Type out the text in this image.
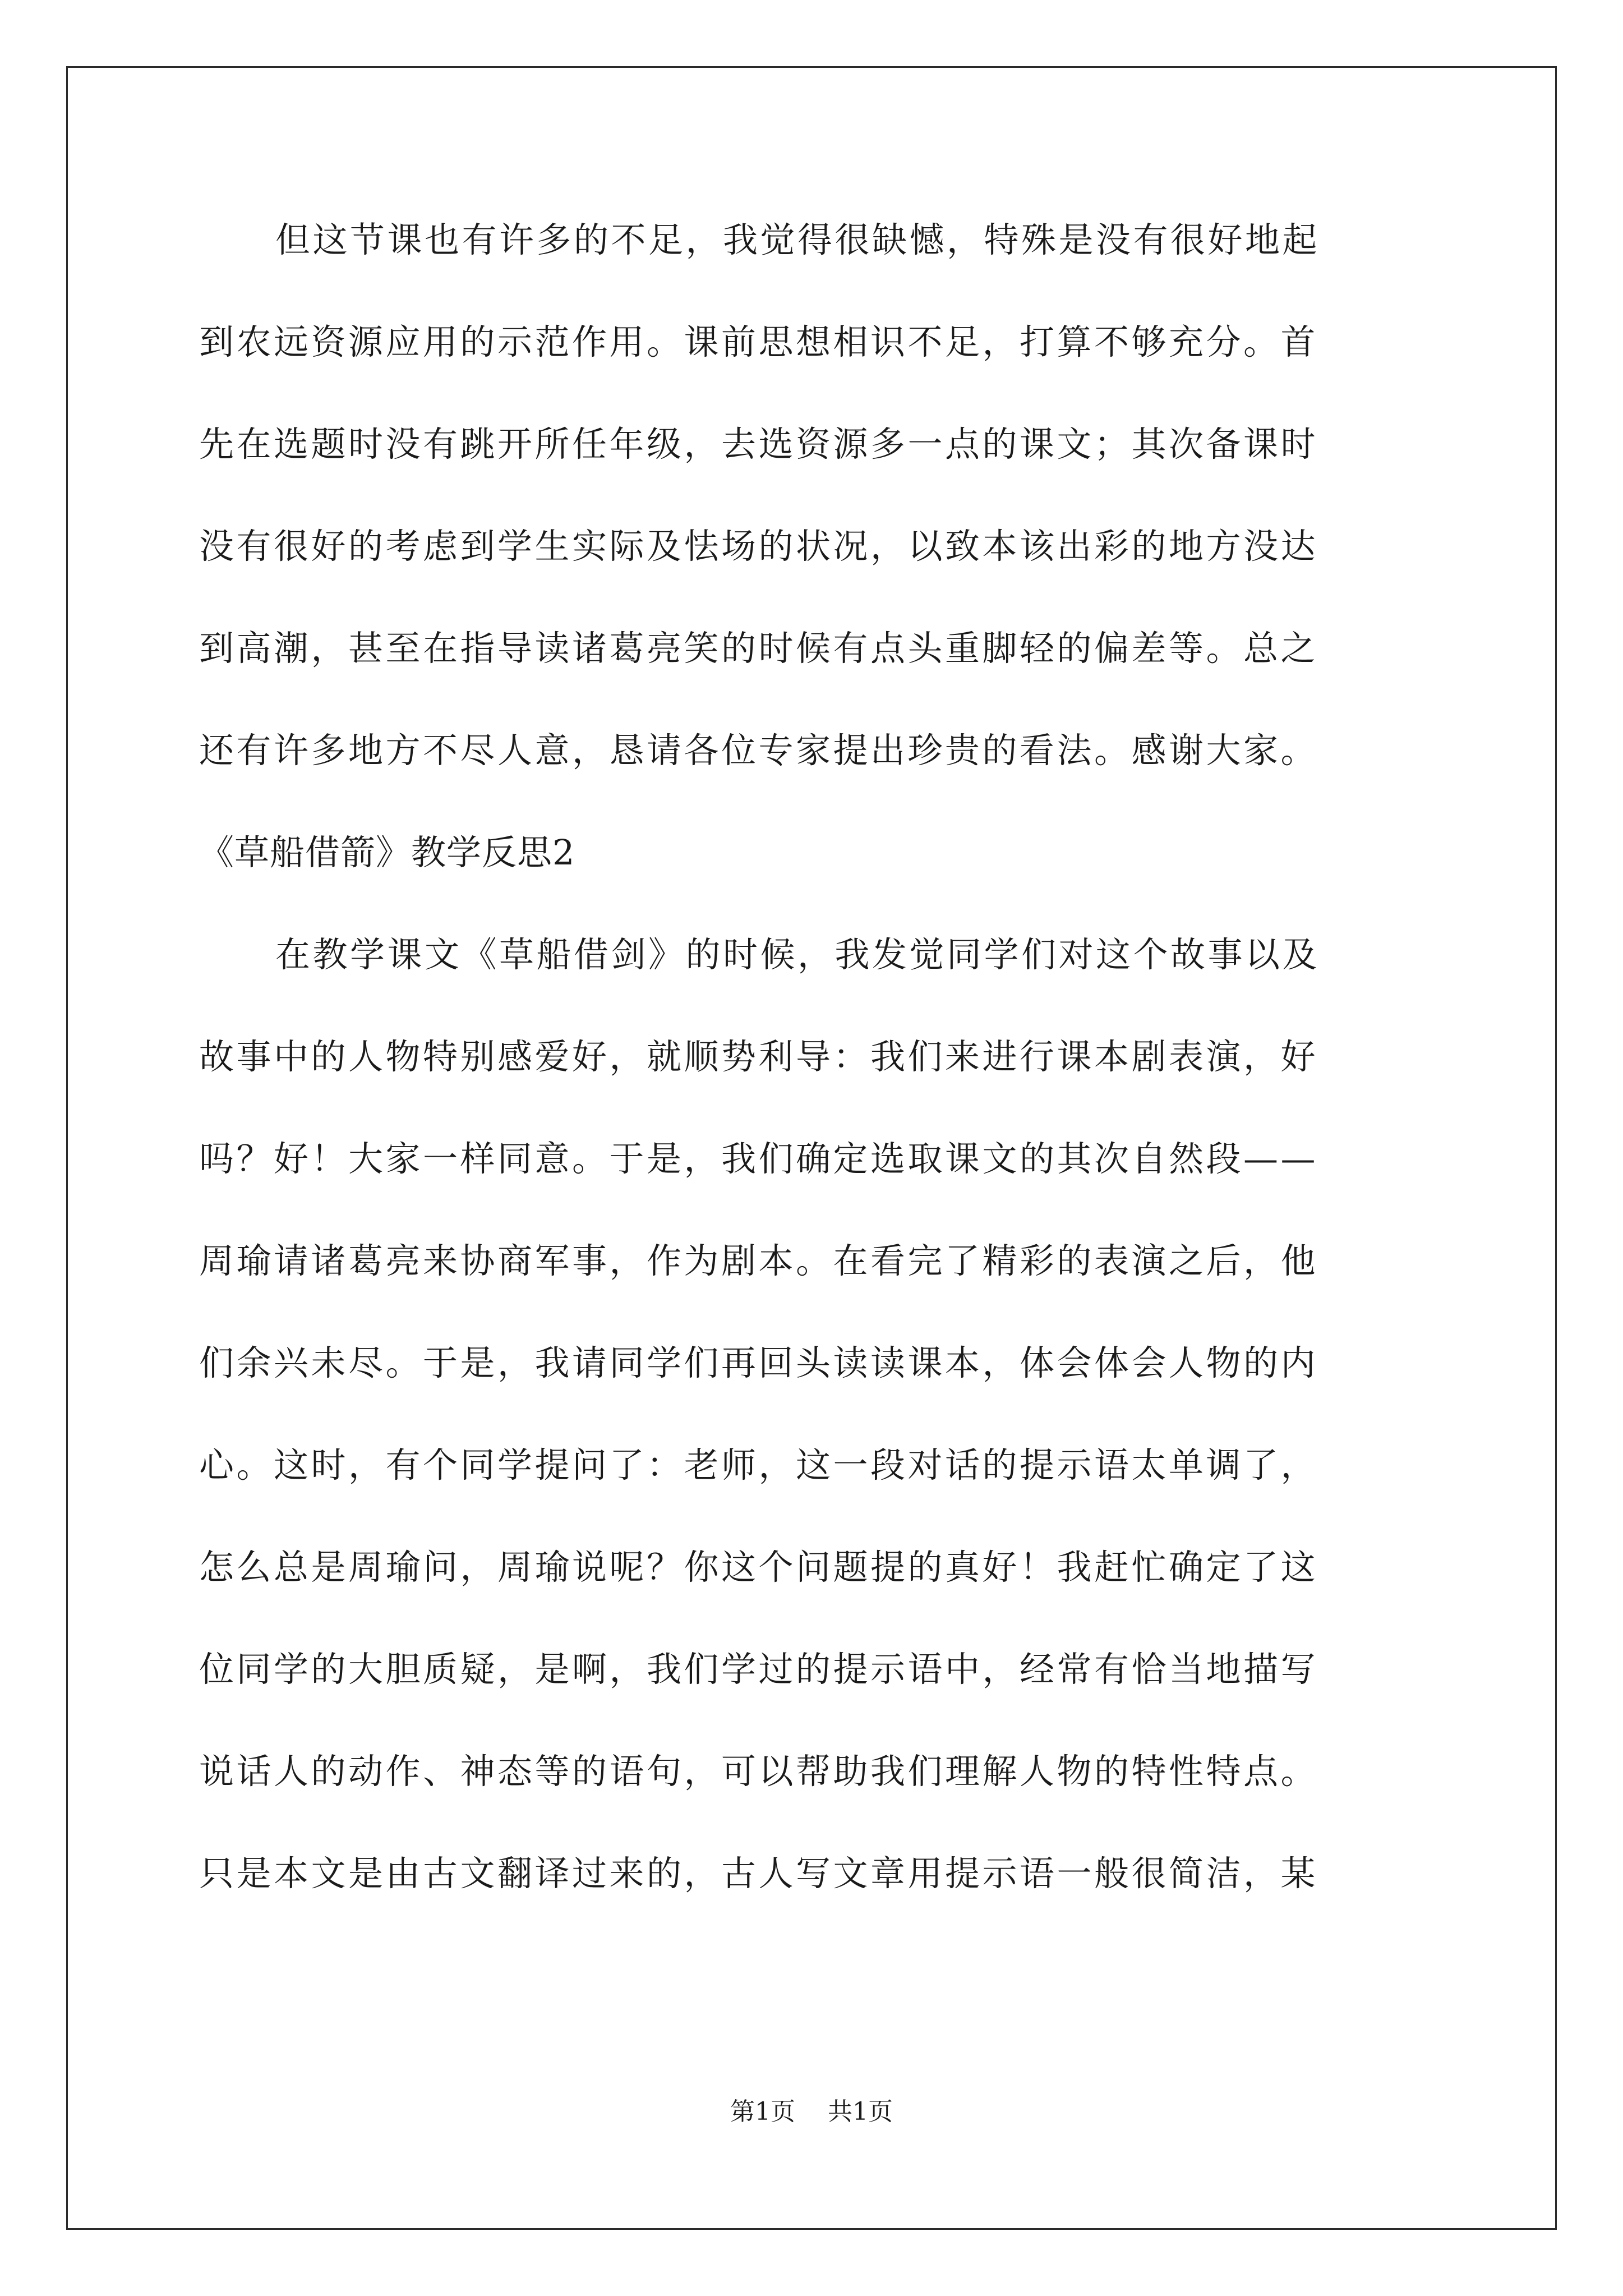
但这节课也有许多的不足，我觉得很缺憾，特殊是没有很好地起
到农远资源应用的示范作用。课前思想相识不足，打算不够充分。首
先在选题时没有跳开所任年级，去选资源多一点的课文；其次备课时
没有很好的考虑到学生实际及怯场的状况，以致本该出彩的地方没达
到高潮，甚至在指导读诸葛亮笑的时候有点头重脚轻的偏差等。总之
还有许多地方不尽人意，恳请各位专家提出珍贵的看法。感谢大家。
《草船借箭》教学反思2
在教学课文《草船借剑》的时候，我发觉同学们对这个故事以及
故事中的人物特别感爱好，就顺势利导：我们来进行课本剧表演，好
吗？好！大家一样同意。于是，我们确定选取课文的其次自然段——
周瑜请诸葛亮来协商军事，作为剧本。在看完了精彩的表演之后，他
们余兴未尽。于是，我请同学们再回头读读课本，体会体会人物的内
心。这时，有个同学提问了：老师，这一段对话的提示语太单调了，
怎么总是周瑜问，周瑜说呢？你这个问题提的真好！我赶忙确定了这
位同学的大胆质疑，是啊，我们学过的提示语中，经常有恰当地描写
说话人的动作、神态等的语句，可以帮助我们理解人物的特性特点。
只是本文是由古文翻译过来的，古人写文章用提示语一般很简洁，某
第1页 共1页
